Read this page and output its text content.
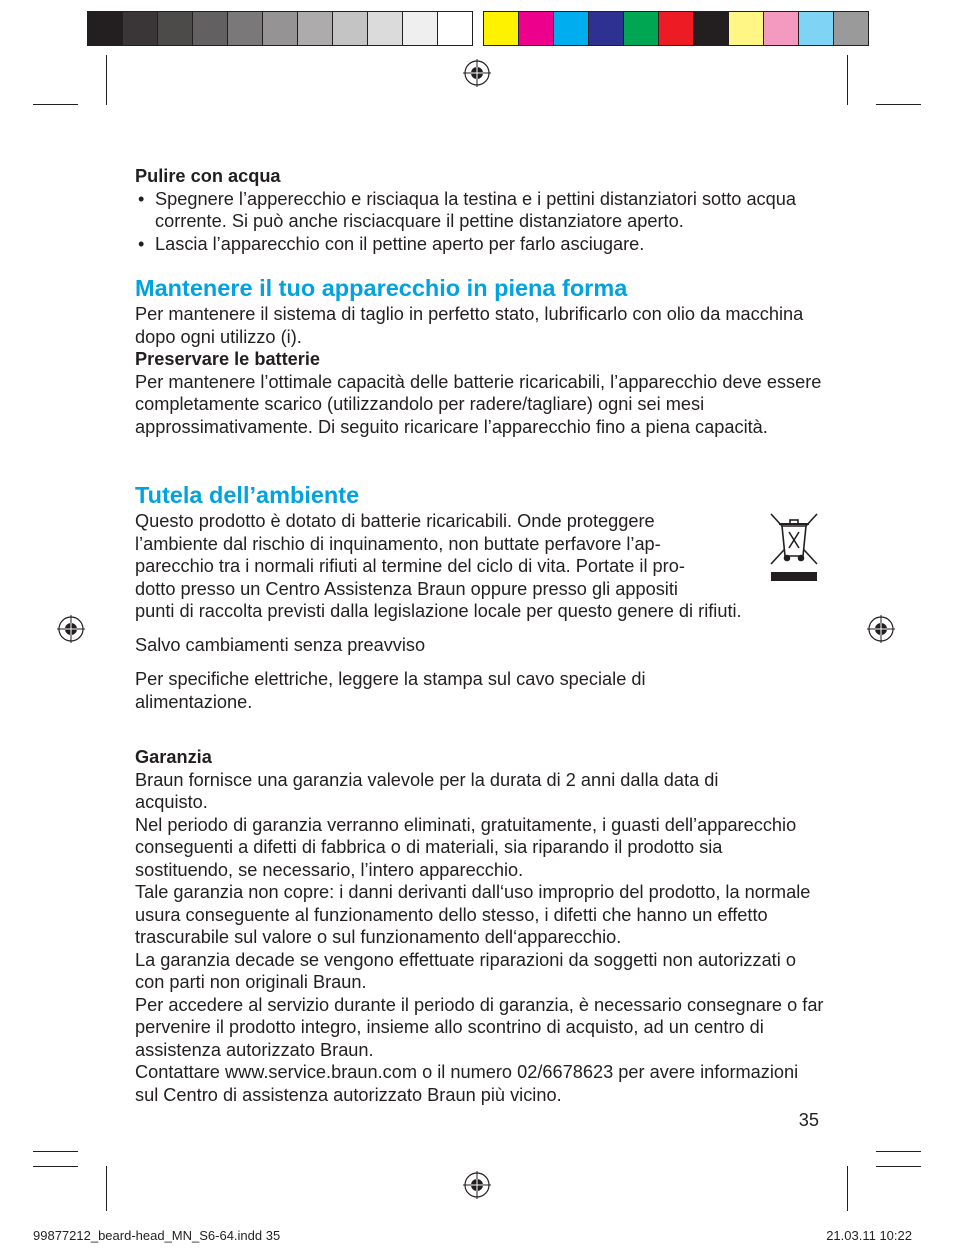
Pulire con acqua

• Spegnere l’apperecchio e risciaqua la testina e i pettini distanziatori sotto acqua corrente. Si può anche risciacquare il pettine distanziatore aperto.

• Lascia l’apparecchio con il pettine aperto per farlo asciugare.

Mantenere il tuo apparecchio in piena forma

Per mantenere il sistema di taglio in perfetto stato, lubrificarlo con olio da macchina dopo ogni utilizzo (i).

Preservare le batterie

Per mantenere l’ottimale capacità delle batterie ricaricabili, l’apparecchio deve essere completamente scarico (utilizzandolo per radere/tagliare) ogni sei mesi approssimativamente. Di seguito ricaricare l’apparecchio fino a piena capacità.

Tutela dell’ambiente

Questo prodotto è dotato di batterie ricaricabili. Onde proteggere
l’ambiente dal rischio di inquinamento, non buttate perfavore l’ap-
parecchio tra i normali rifiuti al termine del ciclo di vita. Portate il pro-
dotto presso un Centro Assistenza Braun oppure presso gli appositi
punti di raccolta previsti dalla legislazione locale per questo genere di rifiuti.

Salvo cambiamenti senza preavviso

Per specifiche elettriche, leggere la stampa sul cavo speciale di alimentazione.

Garanzia

Braun fornisce una garanzia valevole per la durata di 2 anni dalla data di acquisto.

Nel periodo di garanzia verranno eliminati, gratuitamente, i guasti dell’apparecchio conseguenti a difetti di fabbrica o di materiali, sia riparando il prodotto sia sostituendo, se necessario, l’intero apparecchio.

Tale garanzia non copre: i danni derivanti dall‘uso improprio del prodotto, la normale usura conseguente al funzionamento dello stesso, i difetti che hanno un effetto trascurabile sul valore o sul funzionamento dell‘apparecchio.

La garanzia decade se vengono effettuate riparazioni da soggetti non autorizzati o con parti non originali Braun.

Per accedere al servizio durante il periodo di garanzia, è necessario consegnare o far pervenire il prodotto integro, insieme allo scontrino di acquisto, ad un centro di assistenza autorizzato Braun.

Contattare www.service.braun.com o il numero 02/6678623 per avere informazioni sul Centro di assistenza autorizzato Braun più vicino.

35
99877212_beard-head_MN_S6-64.indd 35	21.03.11 10:22
